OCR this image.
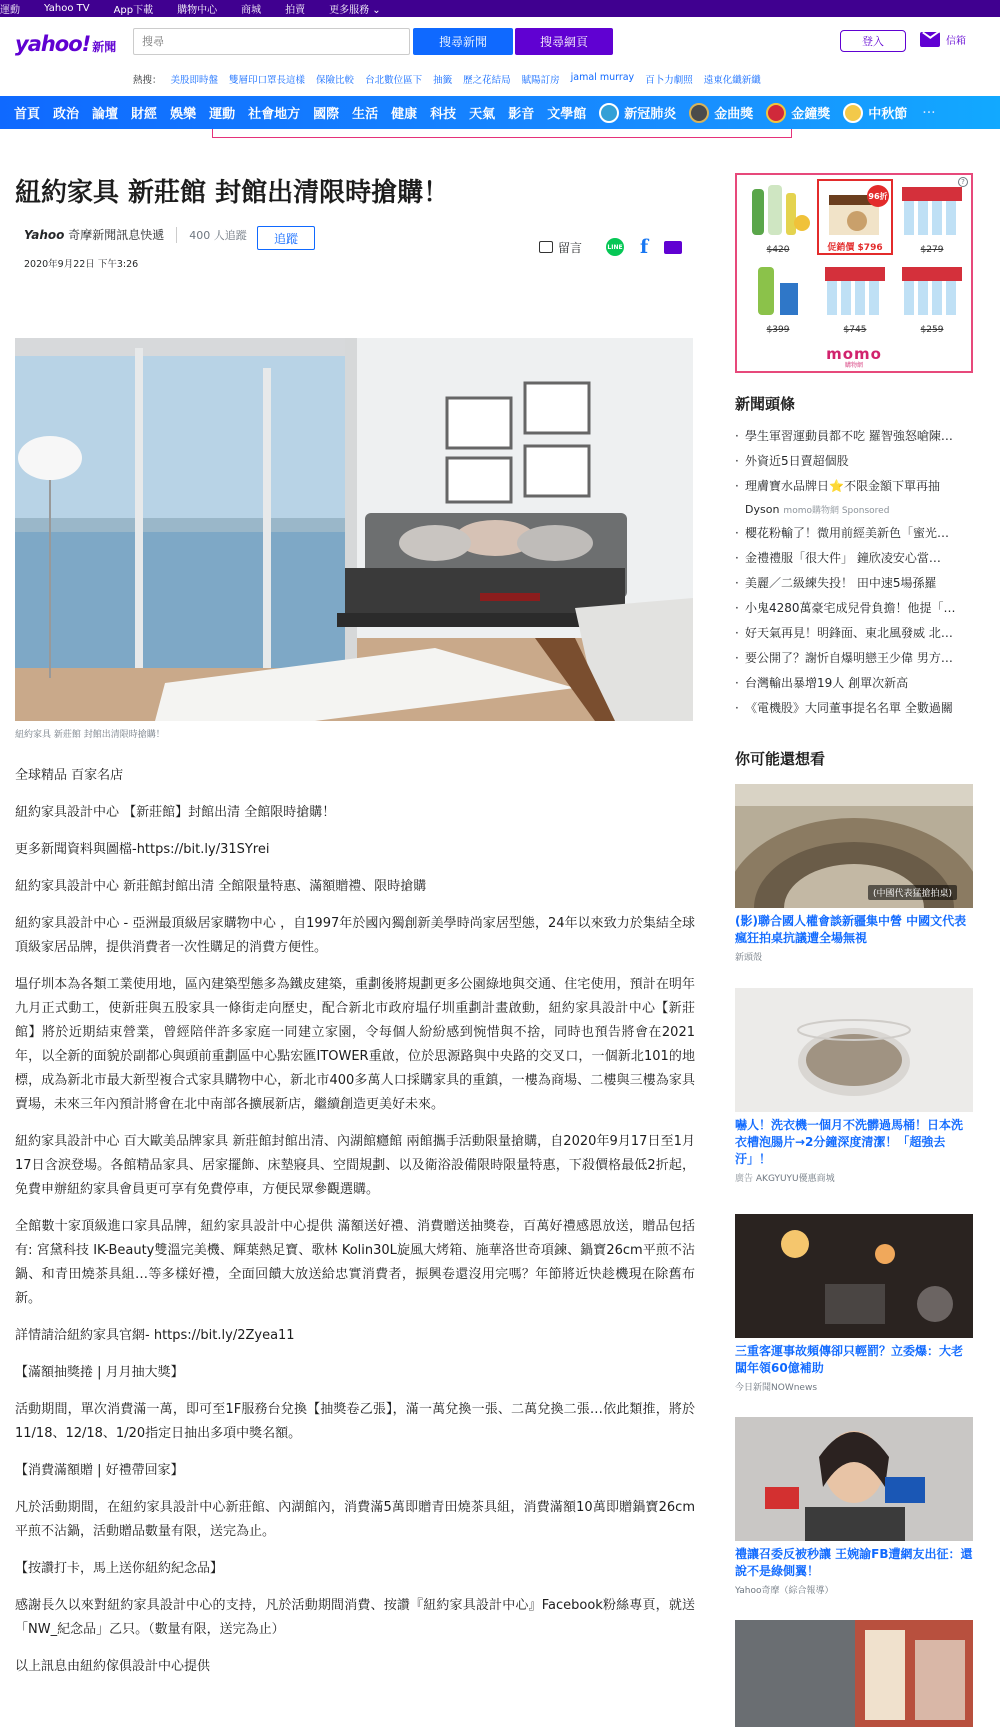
運動 Yahoo TV App下載 購物中心 商城 拍賣 更多服務 ⌄
yahoo! 新聞
搜尋	搜尋新聞	搜尋網頁	登入	信箱
熱搜： 美股即時盤 雙層印口罩長這樣 保險比較 台北數位區下 抽籤 歷之花結局 賦陽訂房 jamal murray 百卜力劇照 遠東化纖新纖
首頁 政治 論壇 財經 娛樂 運動 社會地方 國際 生活 健康 科技 天氣 影音 文學館	新冠肺炎	金曲獎	金鐘獎	中秋節 ···
紐約家具 新莊館 封館出清限時搶購！
Yahoo 奇摩新聞訊息快遞 400 人追蹤	追蹤
2020年9月22日 下午3:26
留言	LINE f
紐約家具 新莊館 封館出清限時搶購！

全球精品 百家名店

紐約家具設計中心 【新莊館】封館出清 全館限時搶購！

更多新聞資料與圖檔-https://bit.ly/31SYrei

紐約家具設計中心 新莊館封館出清 全館限量特惠、滿額贈禮、限時搶購

紐約家具設計中心 - 亞洲最頂級居家購物中心 ，自1997年於國內獨創新美學時尚家居型態，24年以來致力於集結全球頂級家居品牌，提供消費者一次性購足的消費方便性。

塭仔圳本為各類工業使用地，區內建築型態多為鐵皮建築，重劃後將規劃更多公園綠地與交通、住宅使用，預計在明年九月正式動工，使新莊與五股家具一條街走向歷史，配合新北市政府塭仔圳重劃計畫啟動，紐約家具設計中心【新莊館】將於近期結束營業，曾經陪伴許多家庭一同建立家園，令每個人紛紛感到惋惜與不捨，同時也預告將會在2021年，以全新的面貌於副都心與頭前重劃區中心點宏匯ITOWER重啟，位於思源路與中央路的交叉口，一個新北101的地標，成為新北市最大新型複合式家具購物中心，新北市400多萬人口採購家具的重鎮，一樓為商場、二樓與三樓為家具賣場，未來三年內預計將會在北中南部各擴展新店，繼續創造更美好未來。

紐約家具設計中心 百大歐美品牌家具 新莊館封館出清、內湖館癮館 兩館攜手活動限量搶購，自2020年9月17日至1月17日含淚登場。各館精品家具、居家擺飾、床墊寢具、空間規劃、以及衛浴設備限時限量特惠，下殺價格最低2折起，免費申辦紐約家具會員更可享有免費停車，方便民眾參觀選購。

全館數十家頂級進口家具品牌，紐約家具設計中心提供 滿額送好禮、消費贈送抽獎卷，百萬好禮感恩放送，贈品包括有: 宮黛科技 IK-Beauty雙溫完美機、輝葉熱足寶、歌林 Kolin30L旋風大烤箱、施華洛世奇項鍊、鍋寶26cm平煎不沾鍋、和青田燒茶具組…等多樣好禮，全面回饋大放送給忠實消費者，振興卷還沒用完嗎？年節將近快趁機現在除舊布新。

詳情請洽紐約家具官網- https://bit.ly/2Zyea11

【滿額抽獎捲 | 月月抽大獎】

活動期間，單次消費滿一萬，即可至1F服務台兌換【抽獎卷乙張】，滿一萬兌換一張、二萬兌換二張…依此類推，將於11/18、12/18、1/20指定日抽出多項中獎名額。

【消費滿額贈 | 好禮帶回家】

凡於活動期間，在紐約家具設計中心新莊館、內湖館內，消費滿5萬即贈青田燒茶具組，消費滿額10萬即贈鍋寶26cm平煎不沾鍋，活動贈品數量有限，送完為止。

【按讚打卡，馬上送你紐約紀念品】

感謝長久以來對紐約家具設計中心的支持，凡於活動期間消費、按讚『紐約家具設計中心』Facebook粉絲專頁，就送「NW_紀念品」乙只。（數量有限，送完為止）

以上訊息由紐約傢俱設計中心提供

?
$420
96折
促銷價 $796	$279
$399	$745	$259
momo
購物網
新聞頭條
· 學生軍習運動員都不吃 羅智強怒嗆陳…
· 外資近5日賣超個股
· 理膚寶水品牌日⭐不限金額下單再抽
Dyson momo購物網 Sponsored
· 櫻花粉輸了！微用前經美新色「蜜光…
· 金禮禮服「很大件」 鐘欣凌安心當…
· 美麗／二級練失投！ 田中速5場孫羅
· 小鬼4280萬豪宅成兒骨負擔！他提「…
· 好天氣再見！明鋒面、東北風發威 北…
· 要公開了？謝忻自爆明戀王少偉 男方…
· 台灣輸出暴增19人 創單次新高
· 《電機股》大同董事提名名單 全數過關
你可能還想看
(中國代表猛搶拍桌)
(影)聯合國人權會談新疆集中營 中國文代表瘋狂拍桌抗議遭全場無視
新頭殼
嚇人！洗衣機一個月不洗髒過馬桶！日本洗衣槽泡腸片→2分鐘深度清潔！「超強去汙」！
廣告 AKGYUYU優惠商城
三重客運事故頻傳卻只輕罰？立委爆：大老闆年領60億補助
今日新聞NOWnews
禮讓召委反被秒讓 王婉諭FB遭網友出征：還說不是綠側翼！
Yahoo奇摩（綜合報導）
